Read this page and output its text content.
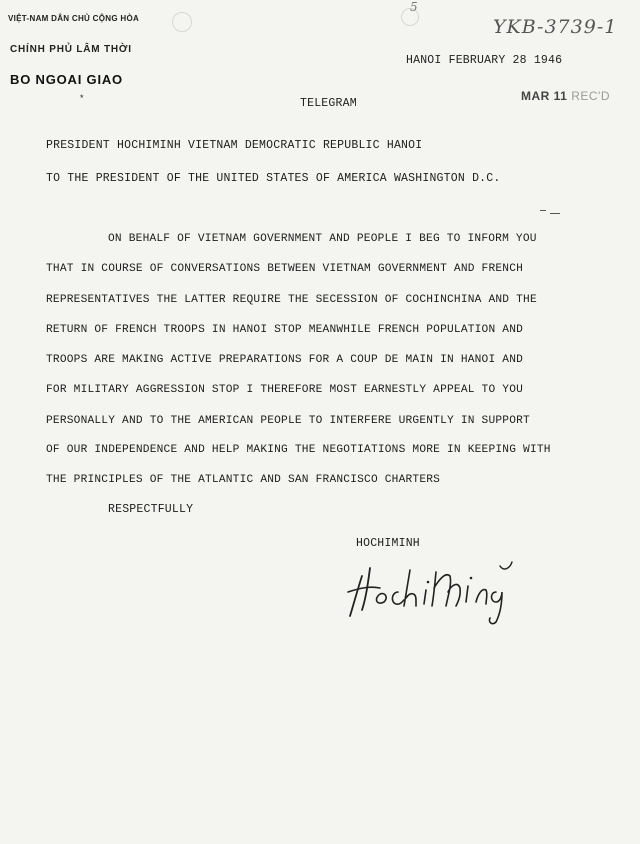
VIỆT-NAM DÂN CHỦ CỘNG HÒA
CHÍNH PHỦ LÂM THỜI
BO NGOAI GIAO
*
5
YKB-3739-1
HANOI FEBRUARY 28 1946
TELEGRAM
MAR 11 REC'D
PRESIDENT HOCHIMINH VIETNAM DEMOCRATIC REPUBLIC HANOI
TO THE PRESIDENT OF THE UNITED STATES OF AMERICA WASHINGTON D.C.
ON BEHALF OF VIETNAM GOVERNMENT AND PEOPLE I BEG TO INFORM YOU
THAT IN COURSE OF CONVERSATIONS BETWEEN VIETNAM GOVERNMENT AND FRENCH
REPRESENTATIVES THE LATTER REQUIRE THE SECESSION OF COCHINCHINA AND THE
RETURN OF FRENCH TROOPS IN HANOI STOP MEANWHILE FRENCH POPULATION AND
TROOPS ARE MAKING ACTIVE PREPARATIONS FOR A COUP DE MAIN IN HANOI AND
FOR MILITARY AGGRESSION STOP I THEREFORE MOST EARNESTLY APPEAL TO YOU
PERSONALLY AND TO THE AMERICAN PEOPLE TO INTERFERE URGENTLY IN SUPPORT
OF OUR INDEPENDENCE AND HELP MAKING THE NEGOTIATIONS MORE IN KEEPING WITH
THE PRINCIPLES OF THE ATLANTIC AND SAN FRANCISCO CHARTERS
RESPECTFULLY
HOCHIMINH
